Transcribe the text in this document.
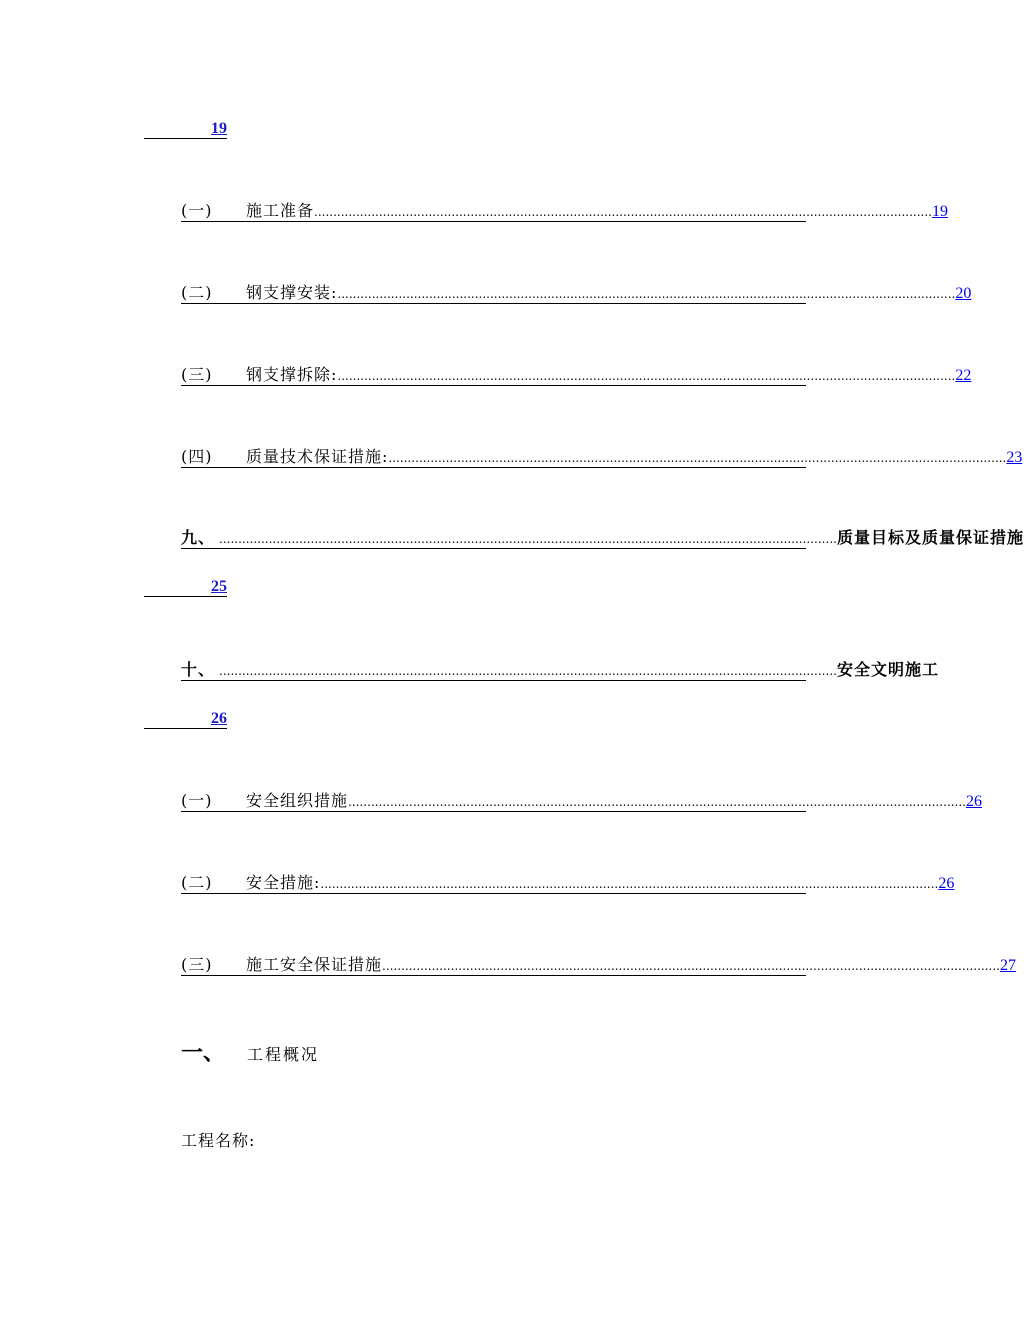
19
(一)	施工准备 .................................................................................................................................................................. 19
(二)	钢支撑安装: .................................................................................................................................................................. 20
(三)	钢支撑拆除: .................................................................................................................................................................. 22
(四)	质量技术保证措施: .................................................................................................................................................................. 23
九、 .................................................................................................................................................................. 质量目标及质量保证措施
25
十、 .................................................................................................................................................................. 安全文明施工
26
(一)	安全组织措施 .................................................................................................................................................................. 26
(二)	安全措施: .................................................................................................................................................................. 26
(三)	施工安全保证措施 .................................................................................................................................................................. 27
一、	工程概况
工程名称:
